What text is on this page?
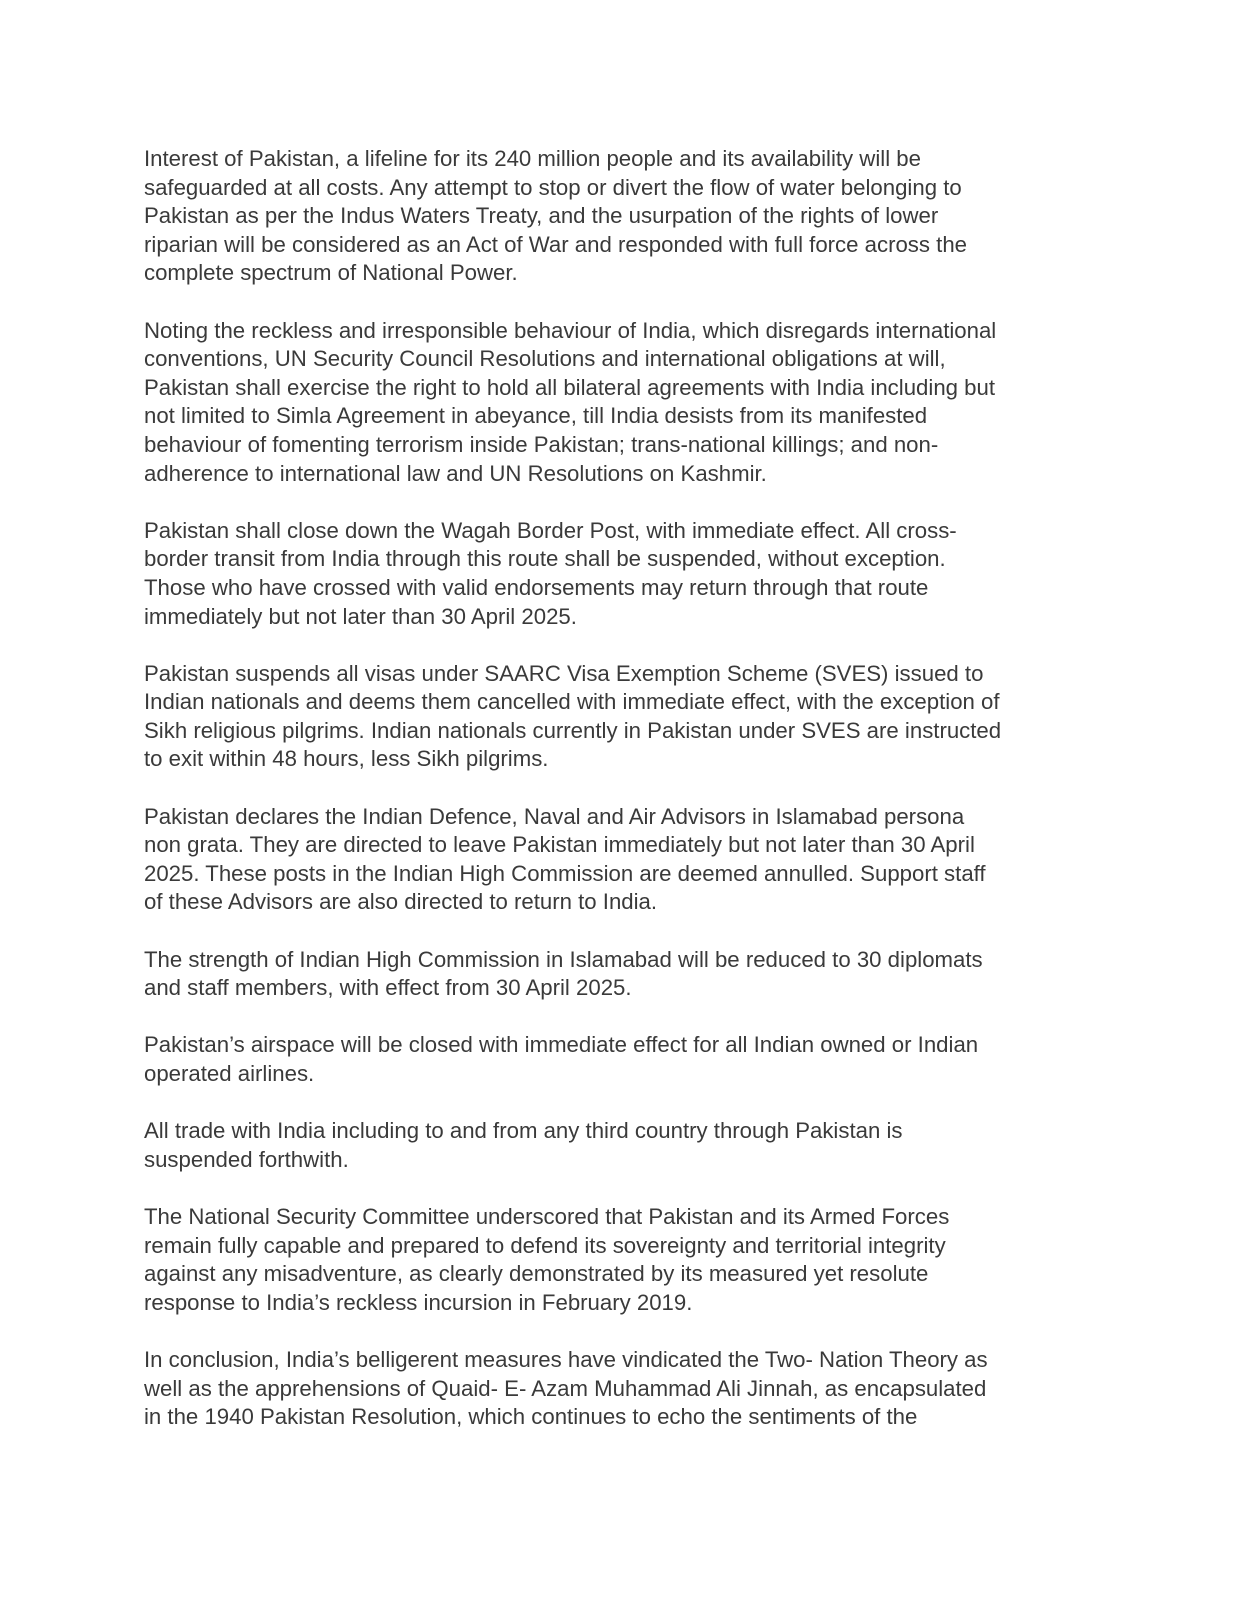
Interest of Pakistan, a lifeline for its 240 million people and its availability will be
safeguarded at all costs. Any attempt to stop or divert the flow of water belonging to
Pakistan as per the Indus Waters Treaty, and the usurpation of the rights of lower
riparian will be considered as an Act of War and responded with full force across the
complete spectrum of National Power.

Noting the reckless and irresponsible behaviour of India, which disregards international
conventions, UN Security Council Resolutions and international obligations at will,
Pakistan shall exercise the right to hold all bilateral agreements with India including but
not limited to Simla Agreement in abeyance, till India desists from its manifested
behaviour of fomenting terrorism inside Pakistan; trans-national killings; and non-
adherence to international law and UN Resolutions on Kashmir.

Pakistan shall close down the Wagah Border Post, with immediate effect. All cross-
border transit from India through this route shall be suspended, without exception.
Those who have crossed with valid endorsements may return through that route
immediately but not later than 30 April 2025.

Pakistan suspends all visas under SAARC Visa Exemption Scheme (SVES) issued to
Indian nationals and deems them cancelled with immediate effect, with the exception of
Sikh religious pilgrims. Indian nationals currently in Pakistan under SVES are instructed
to exit within 48 hours, less Sikh pilgrims.

Pakistan declares the Indian Defence, Naval and Air Advisors in Islamabad persona
non grata. They are directed to leave Pakistan immediately but not later than 30 April
2025. These posts in the Indian High Commission are deemed annulled. Support staff
of these Advisors are also directed to return to India.

The strength of Indian High Commission in Islamabad will be reduced to 30 diplomats
and staff members, with effect from 30 April 2025.

Pakistan’s airspace will be closed with immediate effect for all Indian owned or Indian
operated airlines.

All trade with India including to and from any third country through Pakistan is
suspended forthwith.

The National Security Committee underscored that Pakistan and its Armed Forces
remain fully capable and prepared to defend its sovereignty and territorial integrity
against any misadventure, as clearly demonstrated by its measured yet resolute
response to India’s reckless incursion in February 2019.

In conclusion, India’s belligerent measures have vindicated the Two- Nation Theory as
well as the apprehensions of Quaid- E- Azam Muhammad Ali Jinnah, as encapsulated
in the 1940 Pakistan Resolution, which continues to echo the sentiments of the
